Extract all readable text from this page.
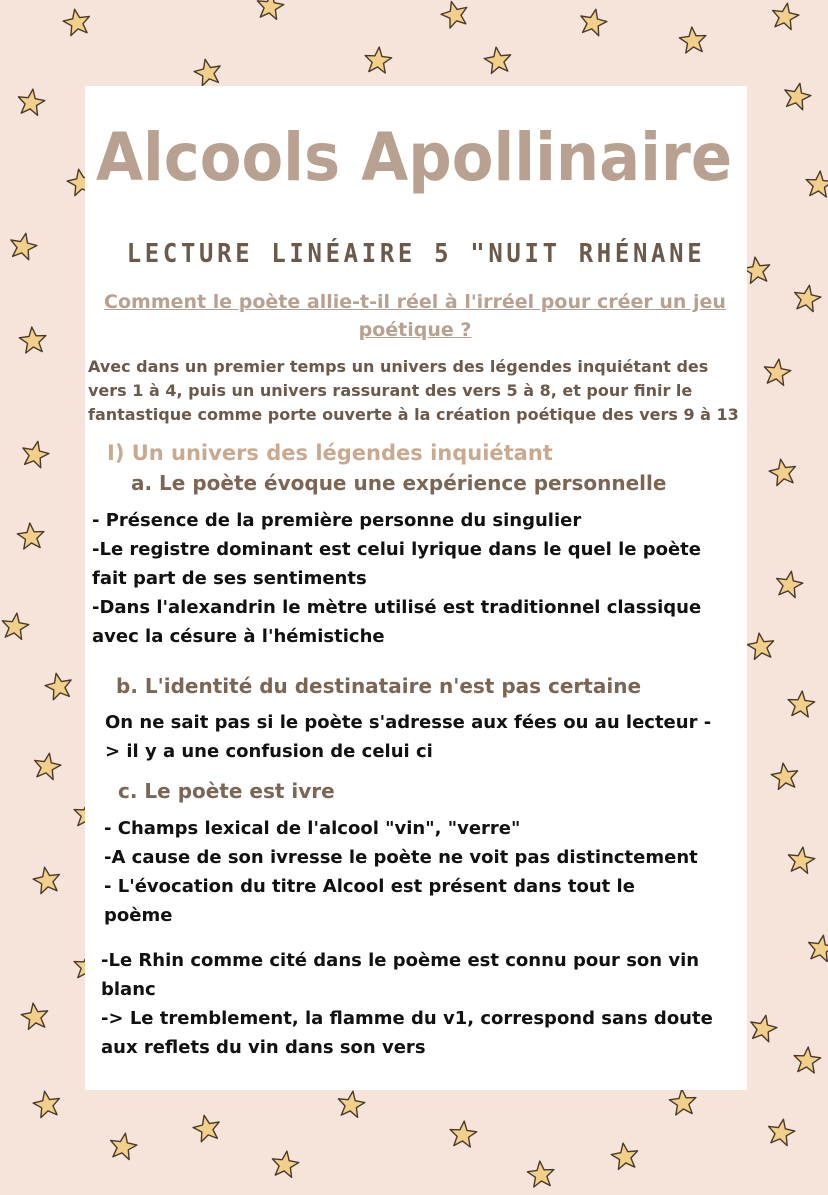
Alcools Apollinaire
LECTURE LINÉAIRE 5 "NUIT RHÉNANE
Comment le poète allie-t-il réel à l'irréel pour créer un jeu
poétique ?
Avec dans un premier temps un univers des légendes inquiétant des
vers 1 à 4, puis un univers rassurant des vers 5 à 8, et pour finir le
fantastique comme porte ouverte à la création poétique des vers 9 à 13
I) Un univers des légendes inquiétant
a. Le poète évoque une expérience personnelle
- Présence de la première personne du singulier
-Le registre dominant est celui lyrique dans le quel le poète
fait part de ses sentiments
-Dans l'alexandrin le mètre utilisé est traditionnel classique
avec la césure à l'hémistiche
b. L'identité du destinataire n'est pas certaine
On ne sait pas si le poète s'adresse aux fées ou au lecteur -
> il y a une confusion de celui ci
c. Le poète est ivre
- Champs lexical de l'alcool "vin", "verre"
-A cause de son ivresse le poète ne voit pas distinctement
- L'évocation du titre Alcool est présent dans tout le
poème
-Le Rhin comme cité dans le poème est connu pour son vin
blanc
-> Le tremblement, la flamme du v1, correspond sans doute
aux reflets du vin dans son vers
